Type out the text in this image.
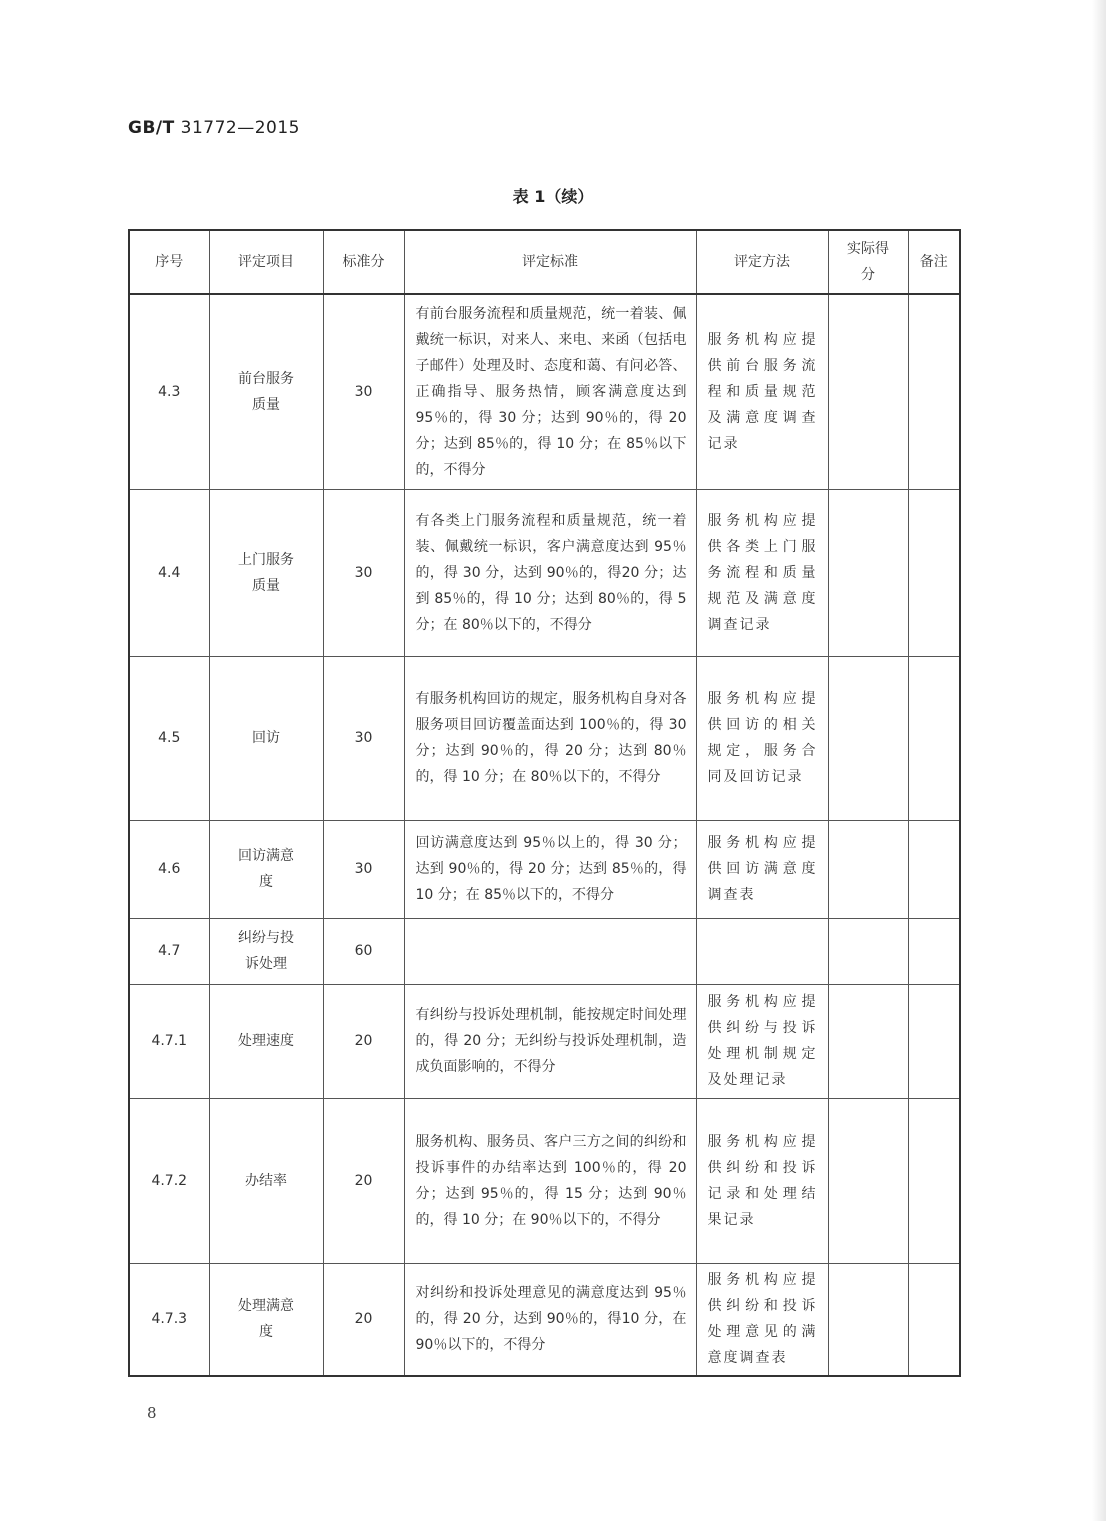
GB/T 31772—2015
表 1（续）
序号	评定项目	标准分	评定标准	评定方法	实际得分	备注
4.3	前台服务质量	30	有前台服务流程和质量规范，统一着装、佩戴统一标识，对来人、来电、来函（包括电子邮件）处理及时、态度和蔼、有问必答、正确指导、服务热情，顾客满意度达到 95％的，得 30 分；达到 90％的，得 20 分；达到 85％的，得 10 分；在 85％以下的，不得分	服务机构应提供前台服务流程和质量规范及满意度调查记录		
4.4	上门服务质量	30	有各类上门服务流程和质量规范，统一着装、佩戴统一标识，客户满意度达到 95％的，得 30 分，达到 90％的，得20 分；达到 85％的，得 10 分；达到 80％的，得 5 分；在 80％以下的，不得分	服务机构应提供各类上门服务流程和质量规范及满意度调查记录		
4.5	回访	30	有服务机构回访的规定，服务机构自身对各服务项目回访覆盖面达到 100％的，得 30 分；达到 90％的，得 20 分；达到 80％的，得 10 分；在 80％以下的，不得分	服务机构应提供回访的相关规定，服务合同及回访记录		
4.6	回访满意度	30	回访满意度达到 95％以上的，得 30 分；达到 90％的，得 20 分；达到 85％的，得 10 分；在 85％以下的，不得分	服务机构应提供回访满意度调查表		
4.7	纠纷与投诉处理	60				
4.7.1	处理速度	20	有纠纷与投诉处理机制，能按规定时间处理的，得 20 分；无纠纷与投诉处理机制，造成负面影响的，不得分	服务机构应提供纠纷与投诉处理机制规定及处理记录		
4.7.2	办结率	20	服务机构、服务员、客户三方之间的纠纷和投诉事件的办结率达到 100％的，得 20 分；达到 95％的，得 15 分；达到 90％的，得 10 分；在 90％以下的，不得分	服务机构应提供纠纷和投诉记录和处理结果记录		
4.7.3	处理满意度	20	对纠纷和投诉处理意见的满意度达到 95％的，得 20 分，达到 90％的，得10 分，在 90％以下的，不得分	服务机构应提供纠纷和投诉处理意见的满意度调查表		
8
